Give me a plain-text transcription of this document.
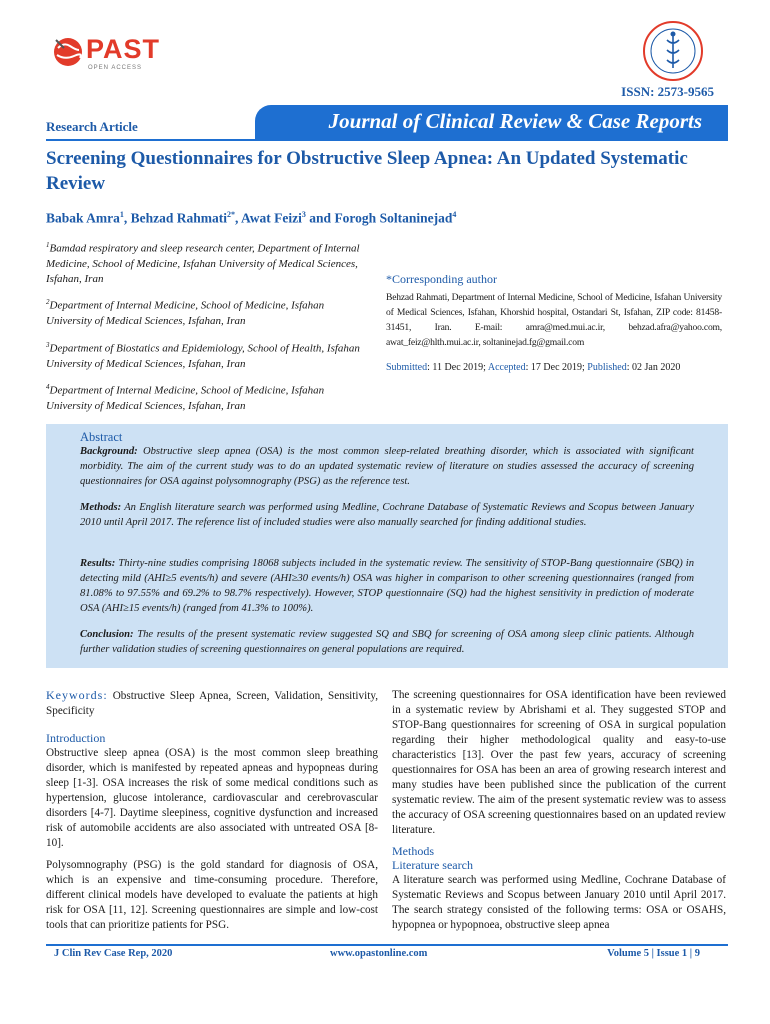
PAST
OPEN ACCESS
ISSN: 2573-9565
Research Article	Journal of Clinical Review & Case Reports
Screening Questionnaires for Obstructive Sleep Apnea: An Updated Systematic Review
Babak Amra$^1$, Behzad Rahmati$^{2*}$, Awat Feizi$^3$ and Forogh Soltaninejad$^4$
$^1$Bamdad respiratory and sleep research center, Department of Internal Medicine, School of Medicine, Isfahan University of Medical Sciences, Isfahan, Iran
$^2$Department of Internal Medicine, School of Medicine, Isfahan University of Medical Sciences, Isfahan, Iran
$^3$Department of Biostatics and Epidemiology, School of Health, Isfahan University of Medical Sciences, Isfahan, Iran
$^4$Department of Internal Medicine, School of Medicine, Isfahan University of Medical Sciences, Isfahan, Iran
*Corresponding author
Behzad Rahmati, Department of Internal Medicine, School of Medicine, Isfahan University of Medical Sciences, Isfahan, Khorshid hospital, Ostandari St, Isfahan, ZIP code: 81458-31451, Iran. E-mail: amra@med.mui.ac.ir, behzad.afra@yahoo.com, awat_feiz@hlth.mui.ac.ir, soltaninejad.fg@gmail.com
Submitted: 11 Dec 2019; Accepted: 17 Dec 2019; Published: 02 Jan 2020
Abstract
Background: Obstructive sleep apnea (OSA) is the most common sleep-related breathing disorder, which is associated with significant morbidity. The aim of the current study was to do an updated systematic review of literature on studies assessed the accuracy of screening questionnaires for OSA against polysomnography (PSG) as the reference test.
Methods: An English literature search was performed using Medline, Cochrane Database of Systematic Reviews and Scopus between January 2010 until April 2017. The reference list of included studies were also manually searched for finding additional studies.
Results: Thirty-nine studies comprising 18068 subjects included in the systematic review. The sensitivity of STOP-Bang questionnaire (SBQ) in detecting mild (AHI≥5 events/h) and severe (AHI≥30 events/h) OSA was higher in comparison to other screening questionnaires (ranged from 81.08% to 97.55% and 69.2% to 98.7% respectively). However, STOP questionnaire (SQ) had the highest sensitivity in prediction of moderate OSA (AHI≥15 events/h) (ranged from 41.3% to 100%).
Conclusion: The results of the present systematic review suggested SQ and SBQ for screening of OSA among sleep clinic patients. Although further validation studies of screening questionnaires on general populations are required.
Keywords: Obstructive Sleep Apnea, Screen, Validation, Sensitivity, Specificity
Introduction
Obstructive sleep apnea (OSA) is the most common sleep breathing disorder, which is manifested by repeated apneas and hypopneas during sleep [1-3]. OSA increases the risk of some medical conditions such as hypertension, glucose intolerance, cardiovascular and cerebrovascular disorders [4-7]. Daytime sleepiness, cognitive dysfunction and increased risk of automobile accidents are also associated with untreated OSA [8-10].
Polysomnography (PSG) is the gold standard for diagnosis of OSA, which is an expensive and time-consuming procedure. Therefore, different clinical models have developed to evaluate the patients at high risk for OSA [11, 12]. Screening questionnaires are simple and low-cost tools that can prioritize patients for PSG.
The screening questionnaires for OSA identification have been reviewed in a systematic review by Abrishami et al. They suggested STOP and STOP-Bang questionnaires for screening of OSA in surgical population regarding their higher methodological quality and easy-to-use characteristics [13]. Over the past few years, accuracy of screening questionnaires for OSA has been an area of growing research interest and many studies have been published since the publication of the current systematic review. The aim of the present systematic review was to assess the accuracy of OSA screening questionnaires based on an updated review literature.
Methods
Literature search
A literature search was performed using Medline, Cochrane Database of Systematic Reviews and Scopus between January 2010 until April 2017. The search strategy consisted of the following terms: OSA or OSAHS, hypopnea or hypopnoea, obstructive sleep apnea
J Clin Rev Case Rep, 2020	www.opastonline.com	Volume 5 | Issue 1 | 9
